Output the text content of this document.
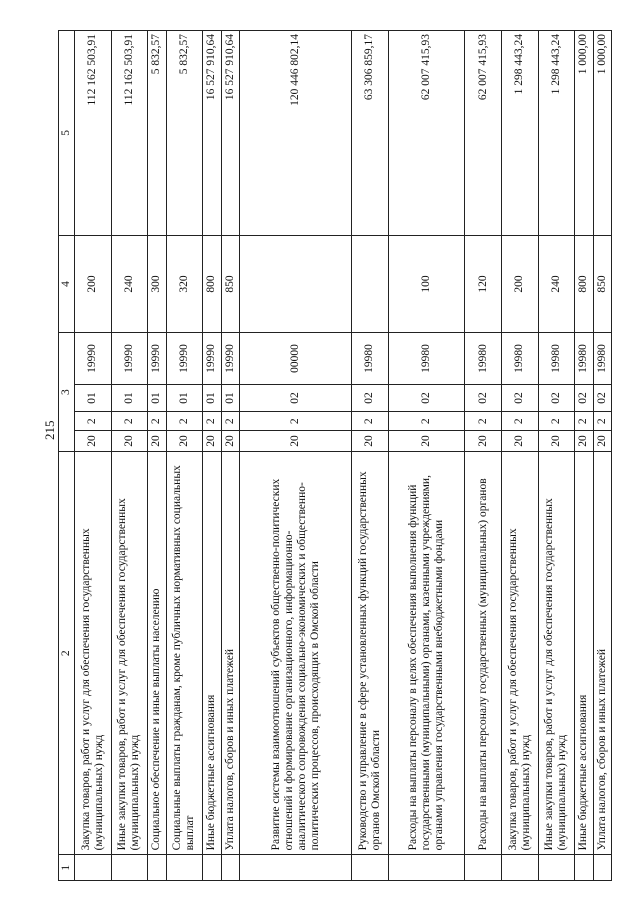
215
1	2	3				4	5
	Закупка товаров, работ и услуг для обеспечения государственных (муниципальных) нужд	20	2	01	19990	200	112 162 503,91
	Иные закупки товаров, работ и услуг для обеспечения государственных (муниципальных) нужд	20	2	01	19990	240	112 162 503,91
	Социальное обеспечение и иные выплаты населению	20	2	01	19990	300	5 832,57
	Социальные выплаты гражданам, кроме публичных нормативных социальных выплат	20	2	01	19990	320	5 832,57
	Иные бюджетные ассигнования	20	2	01	19990	800	16 527 910,64
	Уплата налогов, сборов и иных платежей	20	2	01	19990	850	16 527 910,64
	Развитие системы взаимоотношений субъектов общественно-политических отношений и формирование организационного, информационно-аналитического сопровождения социально-экономических и общественно-политических процессов, происходящих в Омской области	20	2	02	00000		120 446 802,14
	Руководство и управление в сфере установленных функций государственных органов Омской области	20	2	02	19980		63 306 859,17
	Расходы на выплаты персоналу в целях обеспечения выполнения функций государственными (муниципальными) органами, казенными учреждениями, органами управления государственными внебюджетными фондами	20	2	02	19980	100	62 007 415,93
	Расходы на выплаты персоналу государственных (муниципальных) органов	20	2	02	19980	120	62 007 415,93
	Закупка товаров, работ и услуг для обеспечения государственных (муниципальных) нужд	20	2	02	19980	200	1 298 443,24
	Иные закупки товаров, работ и услуг для обеспечения государственных (муниципальных) нужд	20	2	02	19980	240	1 298 443,24
	Иные бюджетные ассигнования	20	2	02	19980	800	1 000,00
	Уплата налогов, сборов и иных платежей	20	2	02	19980	850	1 000,00
